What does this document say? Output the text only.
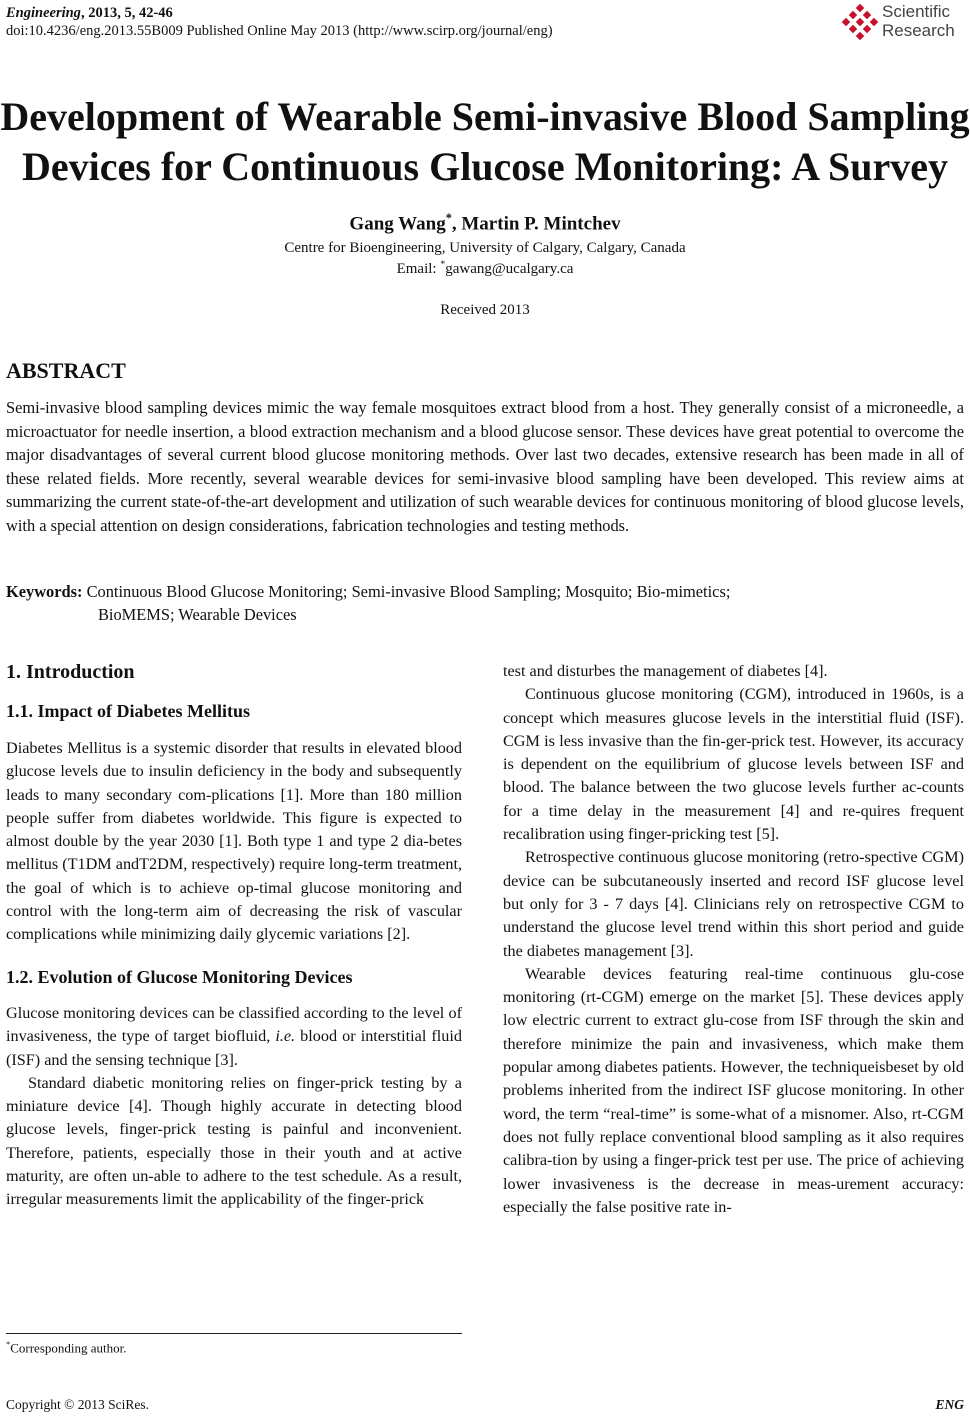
Engineering, 2013, 5, 42-46
doi:10.4236/eng.2013.55B009 Published Online May 2013 (http://www.scirp.org/journal/eng)
Scientific
Research
Development of Wearable Semi-invasive Blood Sampling
Devices for Continuous Glucose Monitoring: A Survey
Gang Wang*, Martin P. Mintchev
Centre for Bioengineering, University of Calgary, Calgary, Canada
Email: *gawang@ucalgary.ca
Received 2013
ABSTRACT
Semi-invasive blood sampling devices mimic the way female mosquitoes extract blood from a host. They generally consist of a microneedle, a microactuator for needle insertion, a blood extraction mechanism and a blood glucose sensor. These devices have great potential to overcome the major disadvantages of several current blood glucose monitoring methods. Over last two decades, extensive research has been made in all of these related fields. More recently, several wearable devices for semi-invasive blood sampling have been developed. This review aims at summarizing the current state-of-the-art development and utilization of such wearable devices for continuous monitoring of blood glucose levels, with a special attention on design considerations, fabrication technologies and testing methods.
Keywords: Continuous Blood Glucose Monitoring; Semi-invasive Blood Sampling; Mosquito; Bio-mimetics;
BioMEMS; Wearable Devices
1. Introduction
1.1. Impact of Diabetes Mellitus

Diabetes Mellitus is a systemic disorder that results in elevated blood glucose levels due to insulin deficiency in the body and subsequently leads to many secondary com-plications [1]. More than 180 million people suffer from diabetes worldwide. This figure is expected to almost double by the year 2030 [1]. Both type 1 and type 2 dia-betes mellitus (T1DM andT2DM, respectively) require long-term treatment, the goal of which is to achieve op-timal glucose monitoring and control with the long-term aim of decreasing the risk of vascular complications while minimizing daily glycemic variations [2].

1.2. Evolution of Glucose Monitoring Devices

Glucose monitoring devices can be classified according to the level of invasiveness, the type of target biofluid, i.e. blood or interstitial fluid (ISF) and the sensing technique [3].

Standard diabetic monitoring relies on finger-prick testing by a miniature device [4]. Though highly accurate in detecting blood glucose levels, finger-prick testing is painful and inconvenient. Therefore, patients, especially those in their youth and at active maturity, are often un-able to adhere to the test schedule. As a result, irregular measurements limit the applicability of the finger-prick

*Corresponding author.

test and disturbes the management of diabetes [4].

Continuous glucose monitoring (CGM), introduced in 1960s, is a concept which measures glucose levels in the interstitial fluid (ISF). CGM is less invasive than the fin-ger-prick test. However, its accuracy is dependent on the equilibrium of glucose levels between ISF and blood. The balance between the two glucose levels further ac-counts for a time delay in the measurement [4] and re-quires frequent recalibration using finger-pricking test [5].

Retrospective continuous glucose monitoring (retro-spective CGM) device can be subcutaneously inserted and record ISF glucose level but only for 3 - 7 days [4]. Clinicians rely on retrospective CGM to understand the glucose level trend within this short period and guide the diabetes management [3].

Wearable devices featuring real-time continuous glu-cose monitoring (rt-CGM) emerge on the market [5]. These devices apply low electric current to extract glu-cose from ISF through the skin and therefore minimize the pain and invasiveness, which make them popular among diabetes patients. However, the techniqueisbeset by old problems inherited from the indirect ISF glucose monitoring. In other word, the term “real-time” is some-what of a misnomer. Also, rt-CGM does not fully replace conventional blood sampling as it also requires calibra-tion by using a finger-prick test per use. The price of achieving lower invasiveness is the decrease in meas-urement accuracy: especially the false positive rate in-

Copyright © 2013 SciRes.	ENG
